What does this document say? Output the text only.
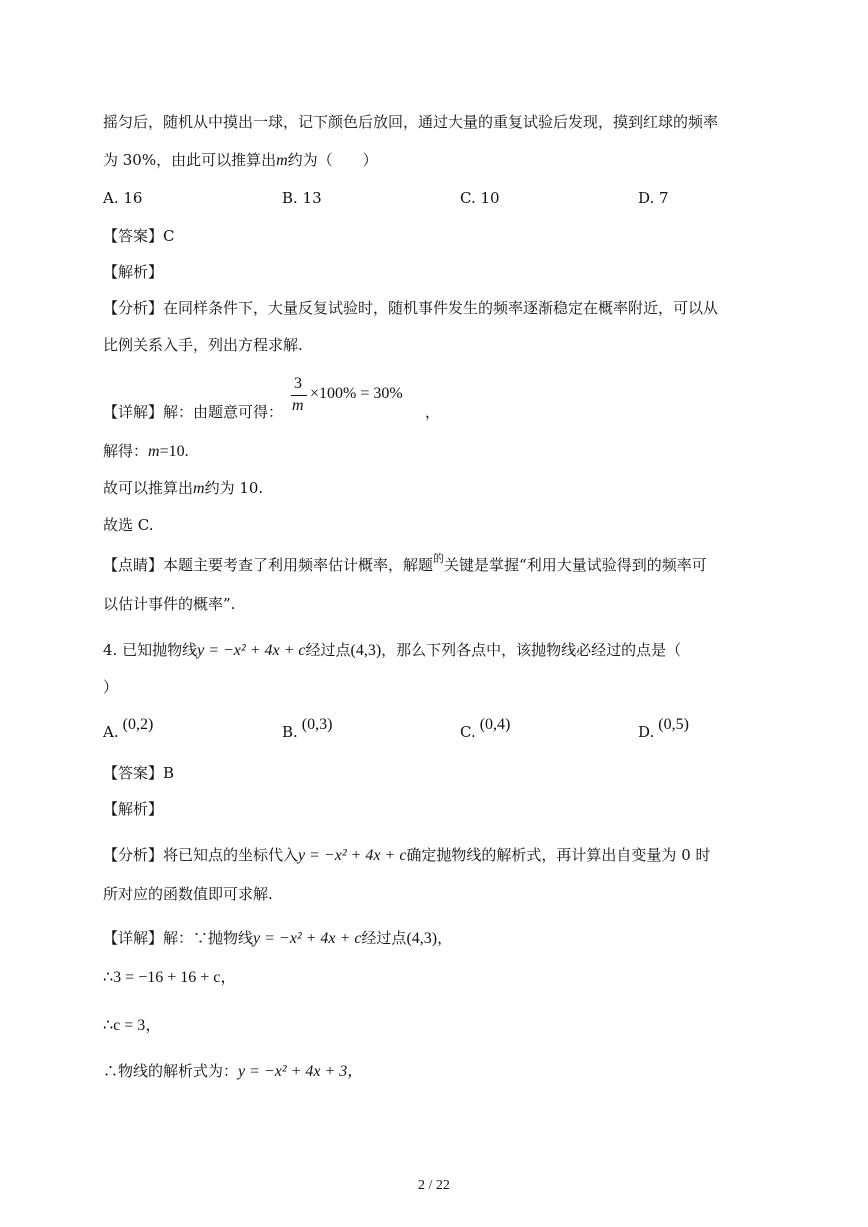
摇匀后，随机从中摸出一球，记下颜色后放回，通过大量的重复试验后发现，摸到红球的频率
为 30%，由此可以推算出m约为（　　）
A. 16	B. 13	C. 10	D. 7
【答案】C
【解析】
【分析】在同样条件下，大量反复试验时，随机事件发生的频率逐渐稳定在概率附近，可以从
比例关系入手，列出方程求解.
【详解】解：由题意可得：
3
m
×100% = 30%
，
解得：m=10.
故可以推算出m约为 10.
故选 C.
【点睛】本题主要考查了利用频率估计概率，解题$^的$关键是掌握“利用大量试验得到的频率可
以估计事件的概率”.
4. 已知抛物线y = −x² + 4x + c经过点(4,3)，那么下列各点中，该抛物线必经过的点是（
）
A. (0,2)	B. (0,3)	C. (0,4)	D. (0,5)
【答案】B
【解析】
【分析】将已知点的坐标代入y = −x² + 4x + c确定抛物线的解析式，再计算出自变量为 0 时
所对应的函数值即可求解.
【详解】解：∵抛物线y = −x² + 4x + c经过点(4,3)，
∴3 = −16 + 16 + c，
∴c = 3，
∴物线的解析式为：y = −x² + 4x + 3，
2 / 22
